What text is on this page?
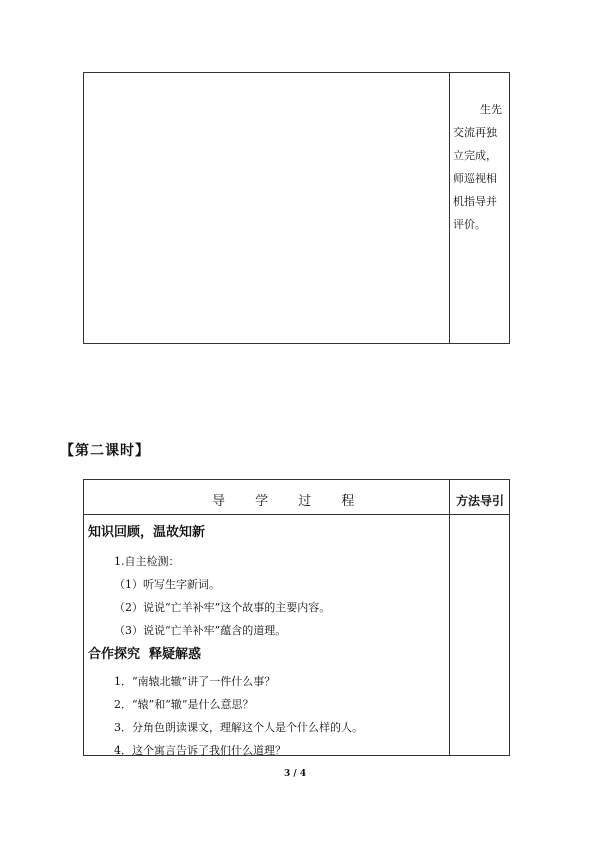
生先
交流再独
立完成，
师巡视相
机指导并
评价。
【第二课时】
导 学 过 程	方法导引
知识回顾，温故知新
1.自主检测：
（1）听写生字新词。
（2）说说“亡羊补牢”这个故事的主要内容。
（3）说说“亡羊补牢”蕴含的道理。
合作探究  释疑解惑
1．“南辕北辙”讲了一件什么事？
2．“辕”和“辙”是什么意思？
3．分角色朗读课文，理解这个人是个什么样的人。
4．这个寓言告诉了我们什么道理？
3 / 4
